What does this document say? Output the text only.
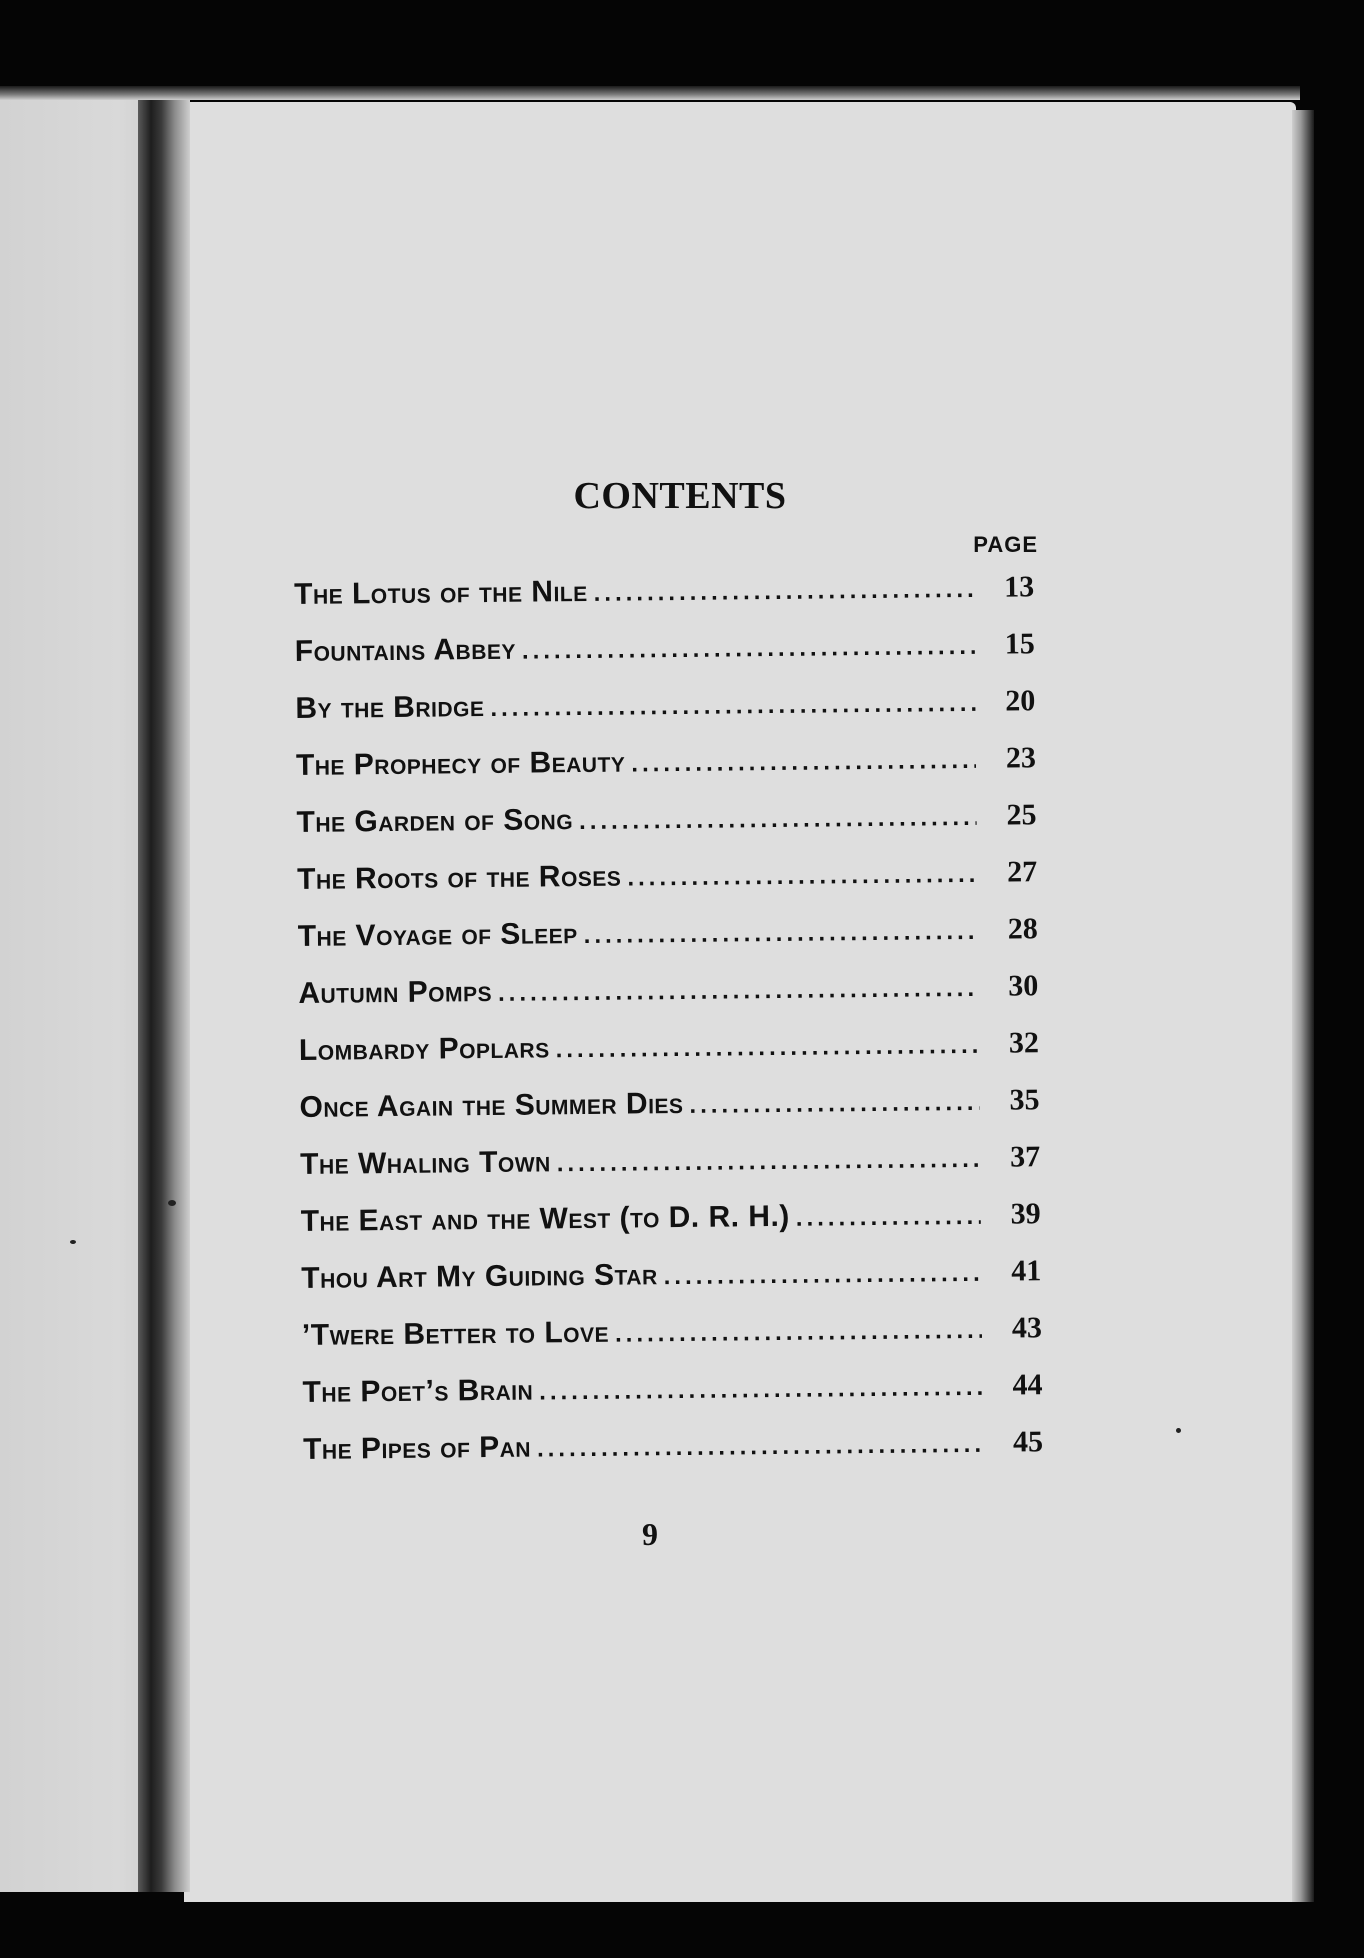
CONTENTS
PAGE
The Lotus of the Nile .....	13
Fountains Abbey .....	15
By the Bridge .....	20
The Prophecy of Beauty .....	23
The Garden of Song .....	25
The Roots of the Roses .....	27
The Voyage of Sleep .....	28
Autumn Pomps .....	30
Lombardy Poplars .....	32
Once Again the Summer Dies .....	35
The Whaling Town .....	37
The East and the West (to D. R. H.) .....	39
Thou Art My Guiding Star .....	41
’Twere Better to Love .....	43
The Poet’s Brain .....	44
The Pipes of Pan .....	45
9
